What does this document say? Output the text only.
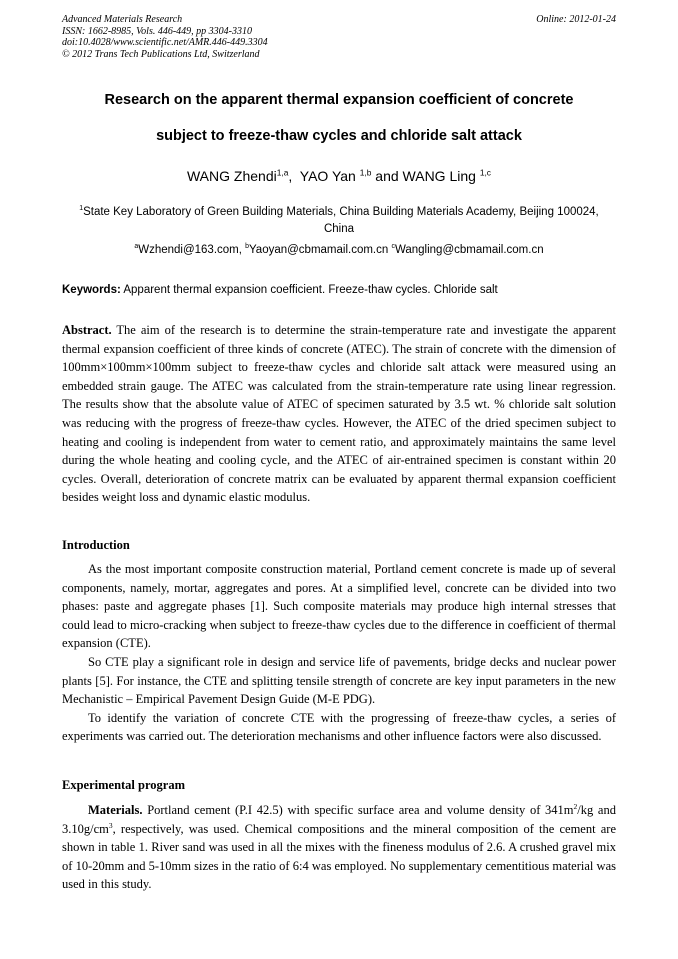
Advanced Materials Research
ISSN: 1662-8985, Vols. 446-449, pp 3304-3310
doi:10.4028/www.scientific.net/AMR.446-449.3304
© 2012 Trans Tech Publications Ltd, Switzerland
Online: 2012-01-24
Research on the apparent thermal expansion coefficient of concrete
subject to freeze-thaw cycles and chloride salt attack
WANG Zhendi$^{1,a}$,  YAO Yan $^{1,b}$ and WANG Ling $^{1,c}$
$^1$State Key Laboratory of Green Building Materials, China Building Materials Academy, Beijing 100024, China
$^a$Wzhendi@163.com, $^b$Yaoyan@cbmamail.com.cn $^c$Wangling@cbmamail.com.cn
Keywords: Apparent thermal expansion coefficient. Freeze-thaw cycles. Chloride salt

Abstract. The aim of the research is to determine the strain-temperature rate and investigate the apparent thermal expansion coefficient of three kinds of concrete (ATEC). The strain of concrete with the dimension of 100mm×100mm×100mm subject to freeze-thaw cycles and chloride salt attack were measured using an embedded strain gauge. The ATEC was calculated from the strain-temperature rate using linear regression. The results show that the absolute value of ATEC of specimen saturated by 3.5 wt. % chloride salt solution was reducing with the progress of freeze-thaw cycles. However, the ATEC of the dried specimen subject to heating and cooling is independent from water to cement ratio, and approximately maintains the same level during the whole heating and cooling cycle, and the ATEC of air-entrained specimen is constant within 20 cycles. Overall, deterioration of concrete matrix can be evaluated by apparent thermal expansion coefficient besides weight loss and dynamic elastic modulus.

Introduction

As the most important composite construction material, Portland cement concrete is made up of several components, namely, mortar, aggregates and pores. At a simplified level, concrete can be divided into two phases: paste and aggregate phases [1]. Such composite materials may produce high internal stresses that could lead to micro-cracking when subject to freeze-thaw cycles due to the difference in coefficient of thermal expansion (CTE).

So CTE play a significant role in design and service life of pavements, bridge decks and nuclear power plants [5]. For instance, the CTE and splitting tensile strength of concrete are key input parameters in the new Mechanistic – Empirical Pavement Design Guide (M-E PDG).

To identify the variation of concrete CTE with the progressing of freeze-thaw cycles, a series of experiments was carried out. The deterioration mechanisms and other influence factors were also discussed.

Experimental program

Materials. Portland cement (P.I 42.5) with specific surface area and volume density of $341m^2/kg$ and $3.10g/cm^3$, respectively, was used. Chemical compositions and the mineral composition of the cement are shown in table 1. River sand was used in all the mixes with the fineness modulus of 2.6. A crushed gravel mix of 10-20mm and 5-10mm sizes in the ratio of 6:4 was employed. No supplementary cementitious material was used in this study.
